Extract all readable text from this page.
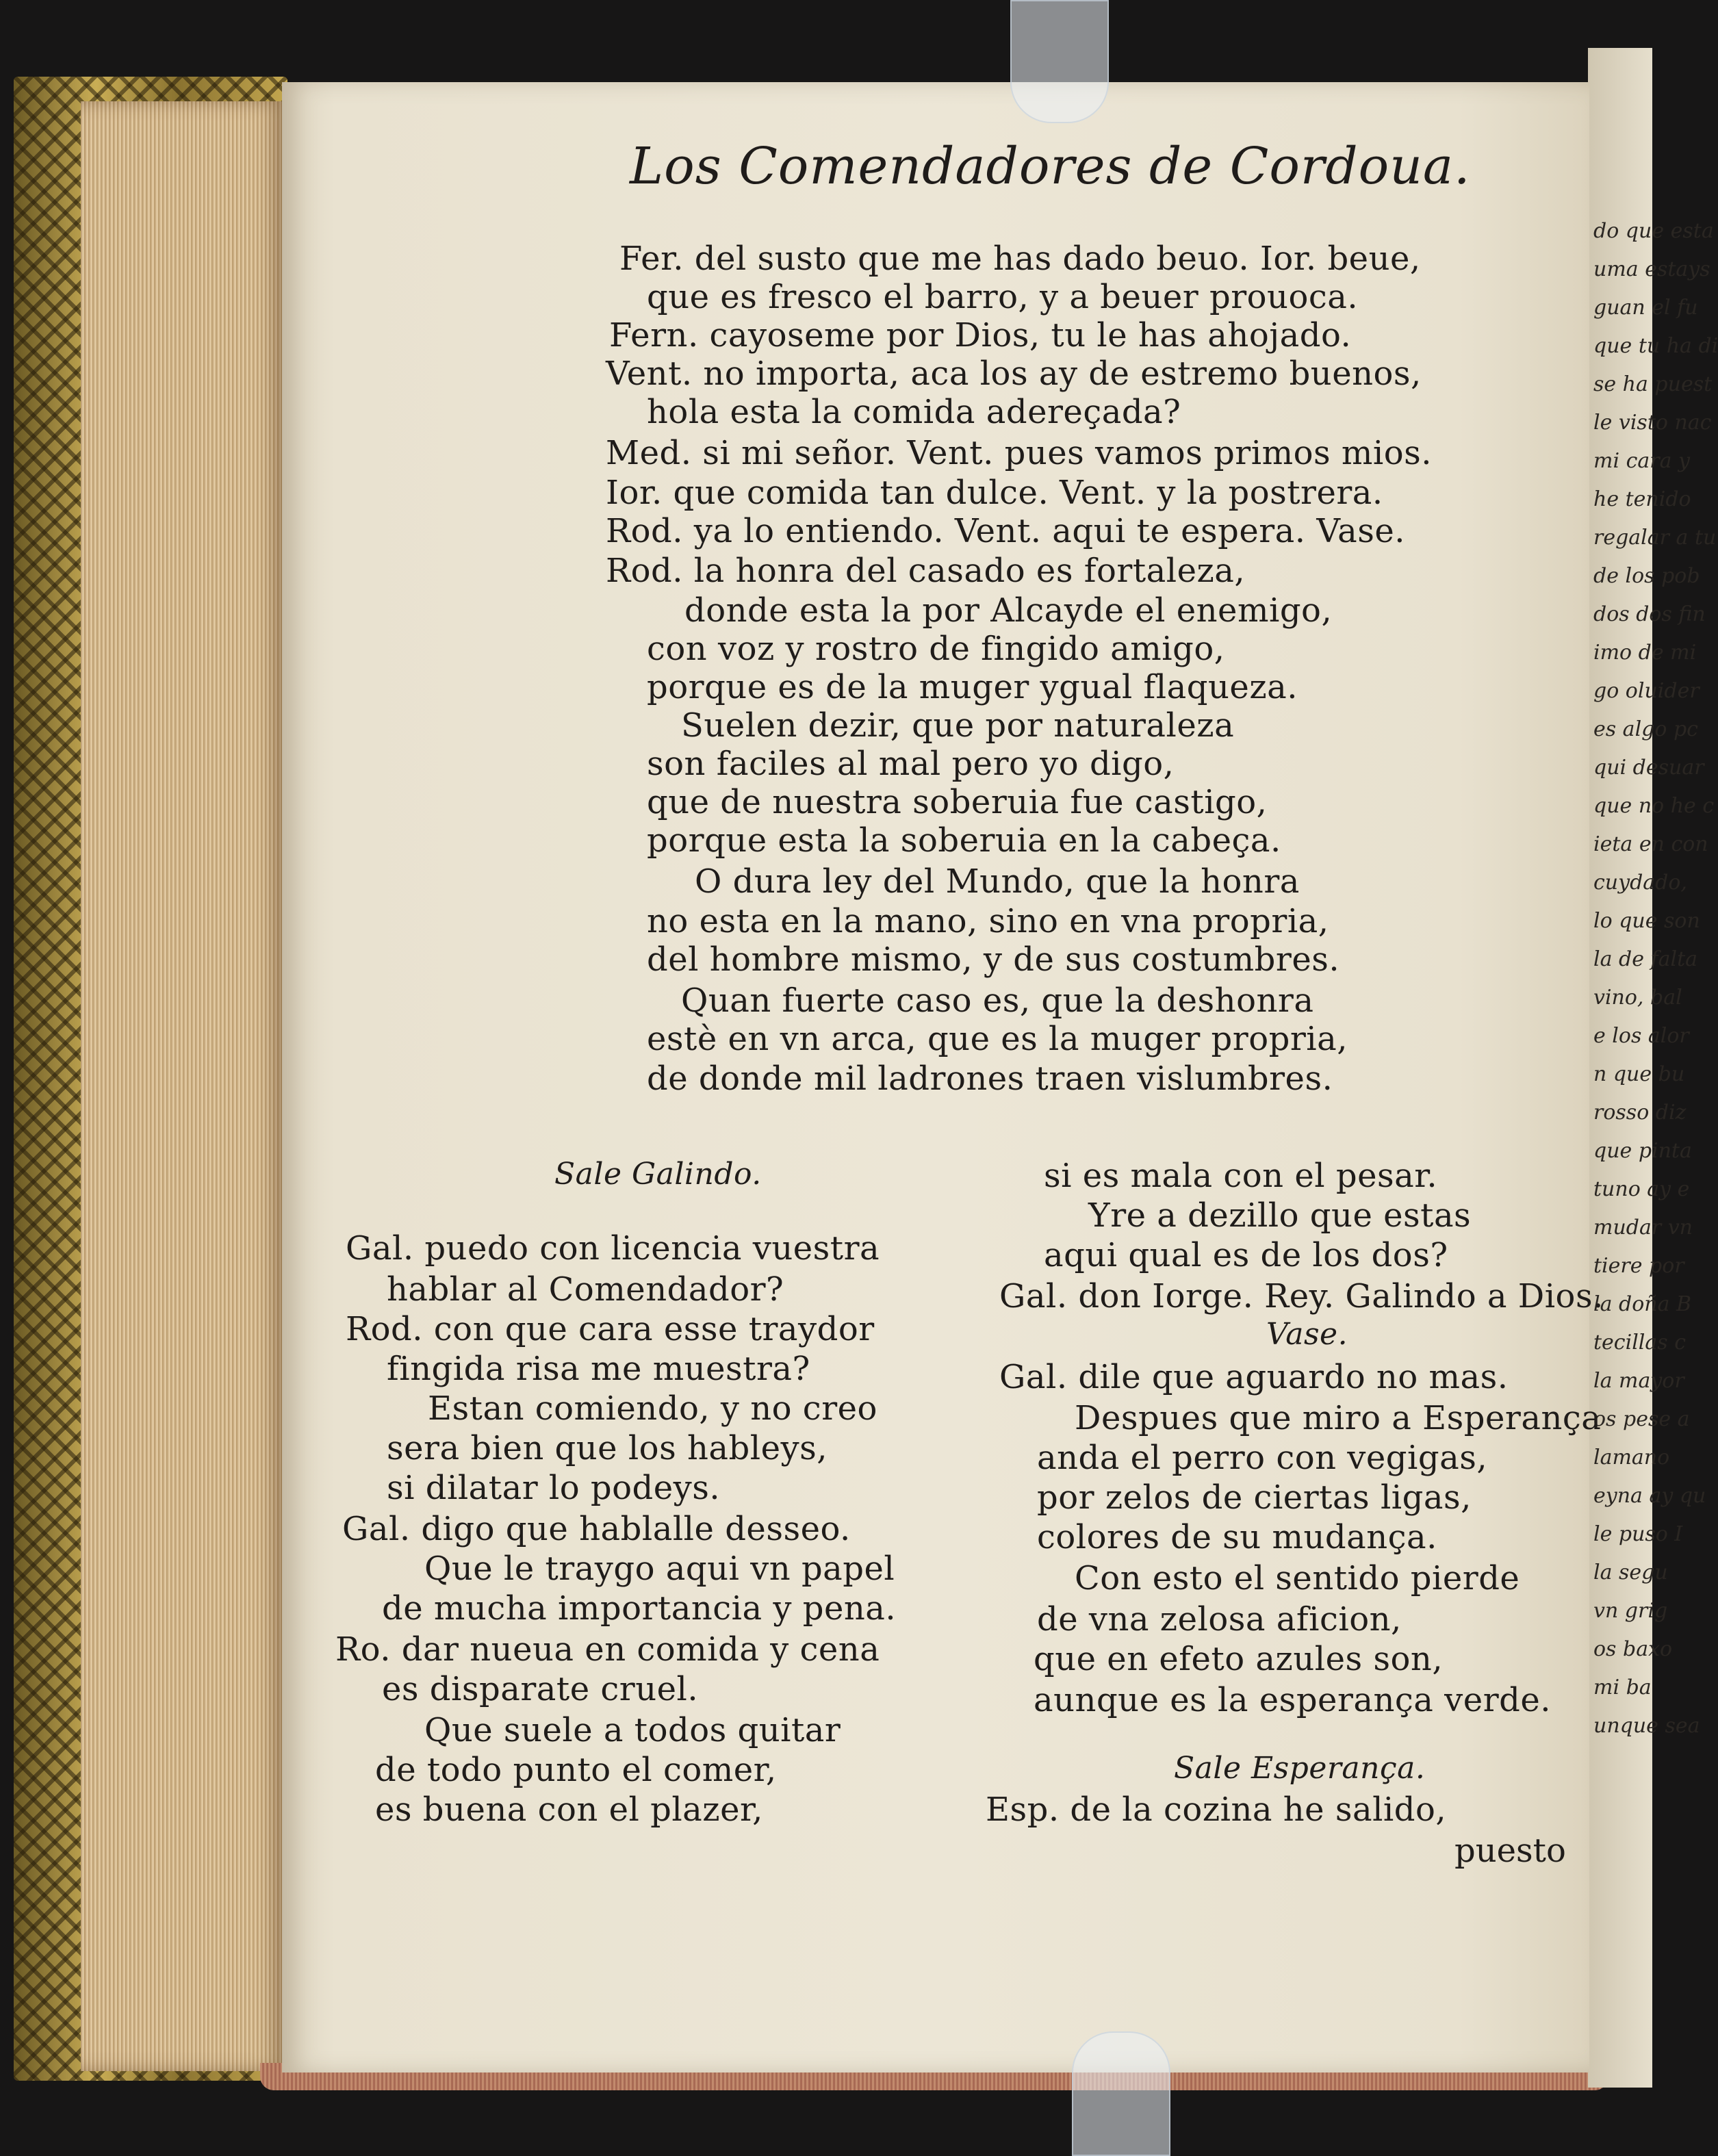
do que esta
uma estays
guan el fu
que tu ha di
se ha puest
le visto nac
mi cara y
he tenido
regalar a tu
de los pob
dos dos fin
imo de mi
go oluider
es algo pc
qui desuar
que no he c
ieta en con
cuydado,
lo que son
la de falta
vino, bal
e los alor
n que bu
rosso diz
que pinta
tuno ay e
mudar vn
tiere por
la doña B
tecillas c
la mayor
os pese a
lamano
eyna ay qu
le puso I
la segu
vn grig
os baxo
mi ba
unque sea
Los Comendadores de Cordoua.
Fer. del susto que me has dado beuo. Ior. beue,
que es fresco el barro, y a beuer prouoca.
Fern. cayoseme por Dios, tu le has ahojado.
Vent. no importa, aca los ay de estremo buenos,
hola esta la comida adereçada?
Med. si mi señor. Vent. pues vamos primos mios.
Ior. que comida tan dulce. Vent. y la postrera.
Rod. ya lo entiendo. Vent. aqui te espera. Vase.
Rod. la honra del casado es fortaleza,
donde esta la por Alcayde el enemigo,
con voz y rostro de fingido amigo,
porque es de la muger ygual flaqueza.
Suelen dezir, que por naturaleza
son faciles al mal pero yo digo,
que de nuestra soberuia fue castigo,
porque esta la soberuia en la cabeça.
O dura ley del Mundo, que la honra
no esta en la mano, sino en vna propria,
del hombre mismo, y de sus costumbres.
Quan fuerte caso es, que la deshonra
estè en vn arca, que es la muger propria,
de donde mil ladrones traen vislumbres.
Sale Galindo.
Gal. puedo con licencia vuestra
hablar al Comendador?
Rod. con que cara esse traydor
fingida risa me muestra?
Estan comiendo, y no creo
sera bien que los hableys,
si dilatar lo podeys.
Gal. digo que hablalle desseo.
Que le traygo aqui vn papel
de mucha importancia y pena.
Ro. dar nueua en comida y cena
es disparate cruel.
Que suele a todos quitar
de todo punto el comer,
es buena con el plazer,
si es mala con el pesar.
Yre a dezillo que estas
aqui qual es de los dos?
Gal. don Iorge. Rey. Galindo a Dios.
Vase.
Gal. dile que aguardo no mas.
Despues que miro a Esperança
anda el perro con vegigas,
por zelos de ciertas ligas,
colores de su mudança.
Con esto el sentido pierde
de vna zelosa aficion,
que en efeto azules son,
aunque es la esperança verde.
Sale Esperança.
Esp. de la cozina he salido,
puesto
